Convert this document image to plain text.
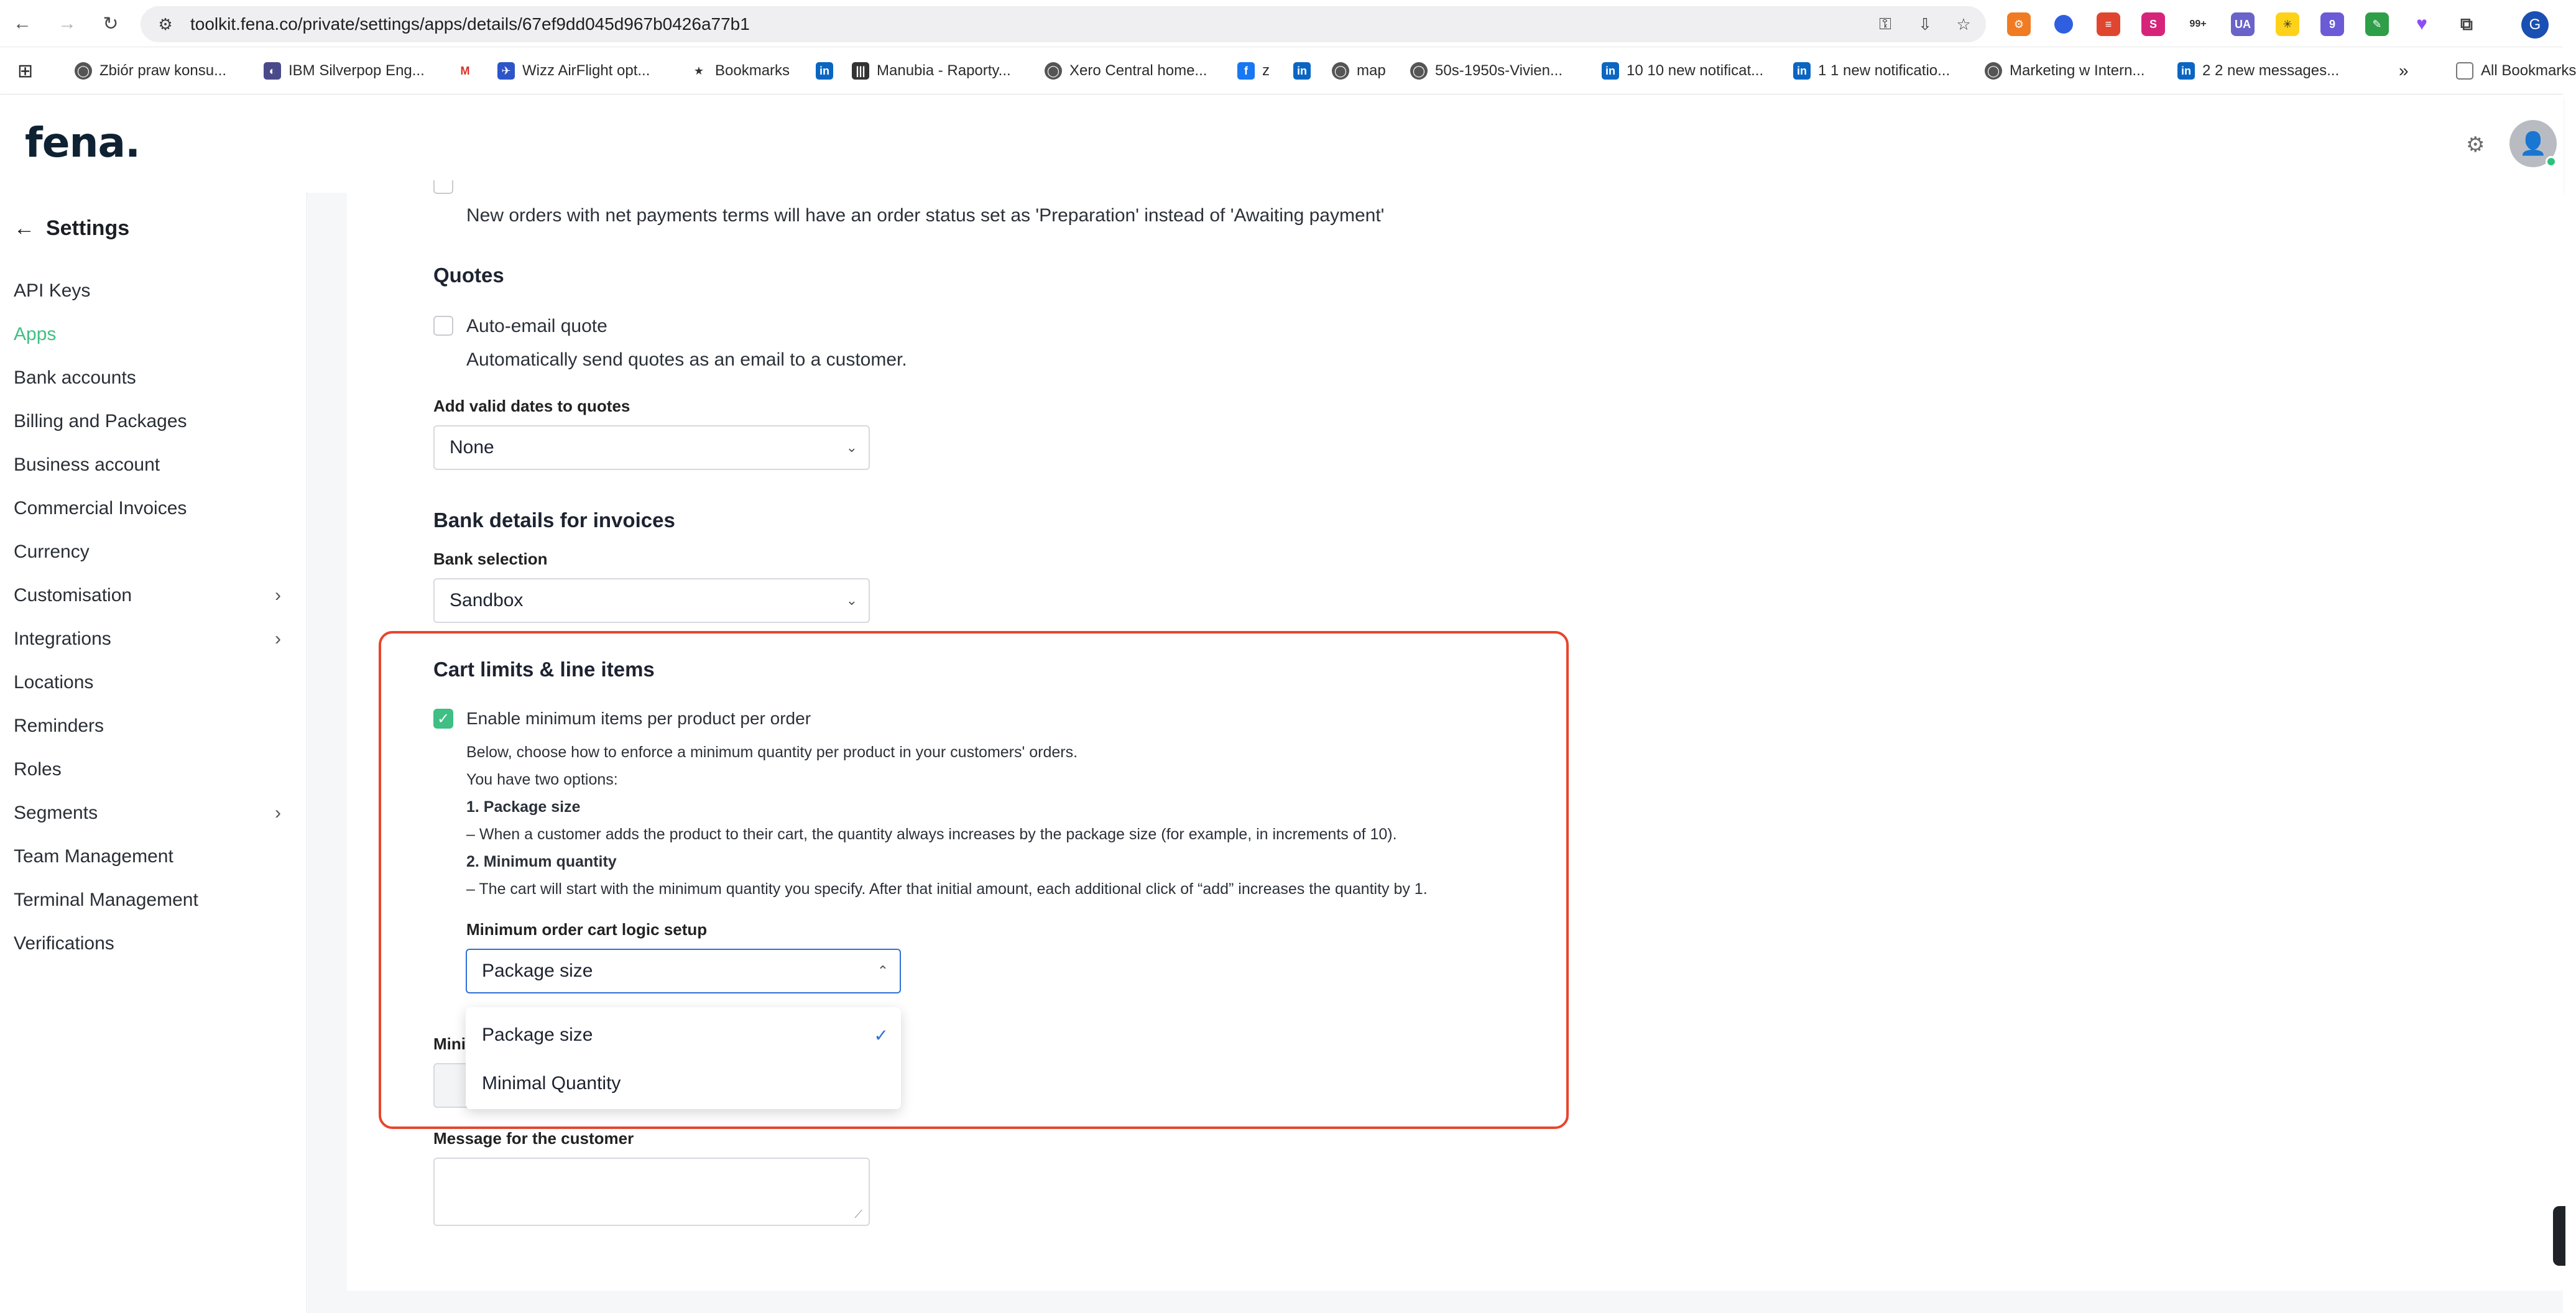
←	→	↻	⚙ toolkit.fena.co/private/settings/apps/details/67ef9dd045d967b0426a77b1	⚿	⇩	☆	⚙	≡	S	99+	UA	✳	9	✎	♥	⧉	G
⊞	◯ Zbiór praw konsu...	◐ IBM Silverpop Eng...	M	✈ Wizz AirFlight opt...	★ Bookmarks	in	||| Manubia - Raporty...	◯ Xero Central home...	f z	in	◯ map ◯ 50s-1950s-Vivien...	in 10 10 new notificat...	in 1 1 new notificatio...	◯ Marketing w Intern...	in 2 2 new messages...	»	All Bookmarks
fena.	⚙	👤
← Settings
API Keys
Apps
Bank accounts
Billing and Packages
Business account
Commercial Invoices
Currency
Customisation	›
Integrations	›
Locations
Reminders
Roles
Segments	›
Team Management
Terminal Management
Verifications
New orders with net payments terms will have an order status set as 'Preparation' instead of 'Awaiting payment'
Quotes
Auto-email quote
Automatically send quotes as an email to a customer.
Add valid dates to quotes
None	⌄
Bank details for invoices
Bank selection
Sandbox	⌄
Cart limits & line items
✓ Enable minimum items per product per order
Below, choose how to enforce a minimum quantity per product in your customers' orders.
You have two options:
1. Package size
– When a customer adds the product to their cart, the quantity always increases by the package size (for example, in increments of 10).
2. Minimum quantity
– The cart will start with the minimum quantity you specify. After that initial amount, each additional click of “add” increases the quantity by 1.
Minimum order cart logic setup
Package size	⌃
Mini Package size	✓
Minimal Quantity
Message for the customer
⟋
